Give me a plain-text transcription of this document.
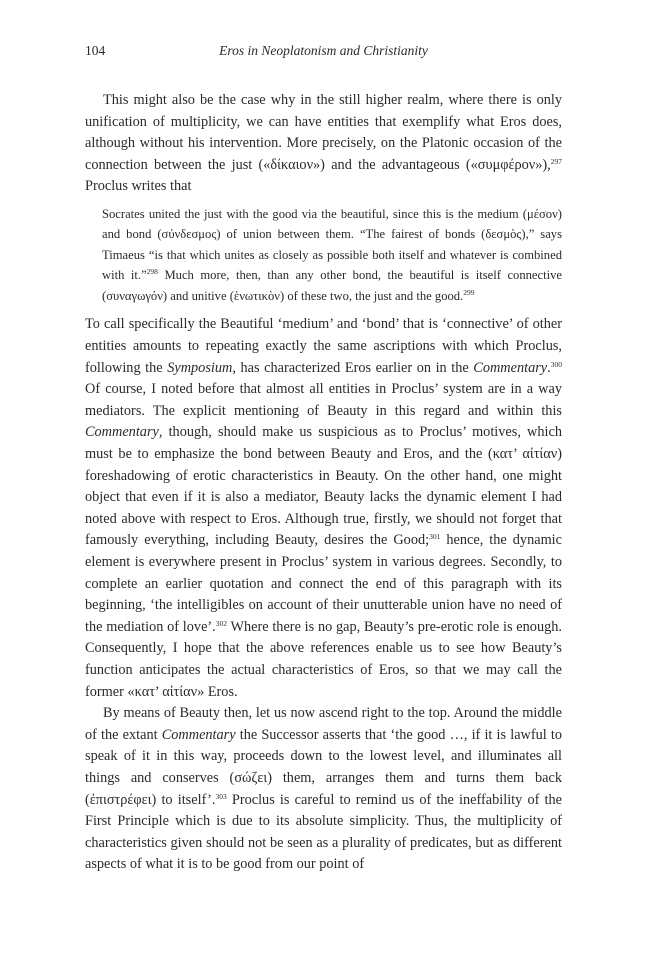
104	Eros in Neoplatonism and Christianity

This might also be the case why in the still higher realm, where there is only unification of multiplicity, we can have entities that exemplify what Eros does, although without his intervention. More precisely, on the Platonic occasion of the connection between the just («δίκαιον») and the advantageous («συμφέρον»),$^{297}$ Proclus writes that

Socrates united the just with the good via the beautiful, since this is the medium (μέσον) and bond (σύνδεσμος) of union between them. “The fairest of bonds (δεσμὸς),” says Timaeus “is that which unites as closely as possible both itself and whatever is combined with it.”$^{298}$ Much more, then, than any other bond, the beautiful is itself connective (συναγωγόν) and unitive (ἑνωτικὸν) of these two, the just and the good.$^{299}$

To call specifically the Beautiful ‘medium’ and ‘bond’ that is ‘connective’ of other entities amounts to repeating exactly the same ascriptions with which Proclus, following the Symposium, has characterized Eros earlier on in the Commentary.$^{300}$ Of course, I noted before that almost all entities in Proclus’ system are in a way mediators. The explicit mentioning of Beauty in this regard and within this Commentary, though, should make us suspicious as to Proclus’ motives, which must be to emphasize the bond between Beauty and Eros, and the (κατ’ αἰτίαν) foreshadowing of erotic characteristics in Beauty. On the other hand, one might object that even if it is also a mediator, Beauty lacks the dynamic element I had noted above with respect to Eros. Although true, firstly, we should not forget that famously everything, including Beauty, desires the Good;$^{301}$ hence, the dynamic element is everywhere present in Proclus’ system in various degrees. Secondly, to complete an earlier quotation and connect the end of this paragraph with its beginning, ‘the intelligibles on account of their unutterable union have no need of the mediation of love’.$^{302}$ Where there is no gap, Beauty’s pre-erotic role is enough. Consequently, I hope that the above references enable us to see how Beauty’s function anticipates the actual characteristics of Eros, so that we may call the former «κατ’ αἰτίαν» Eros.

By means of Beauty then, let us now ascend right to the top. Around the middle of the extant Commentary the Successor asserts that ‘the good …, if it is lawful to speak of it in this way, proceeds down to the lowest level, and illuminates all things and conserves (σώζει) them, arranges them and turns them back (ἐπιστρέφει) to itself’.$^{303}$ Proclus is careful to remind us of the ineffability of the First Principle which is due to its absolute simplicity. Thus, the multiplicity of characteristics given should not be seen as a plurality of predicates, but as different aspects of what it is to be good from our point of
